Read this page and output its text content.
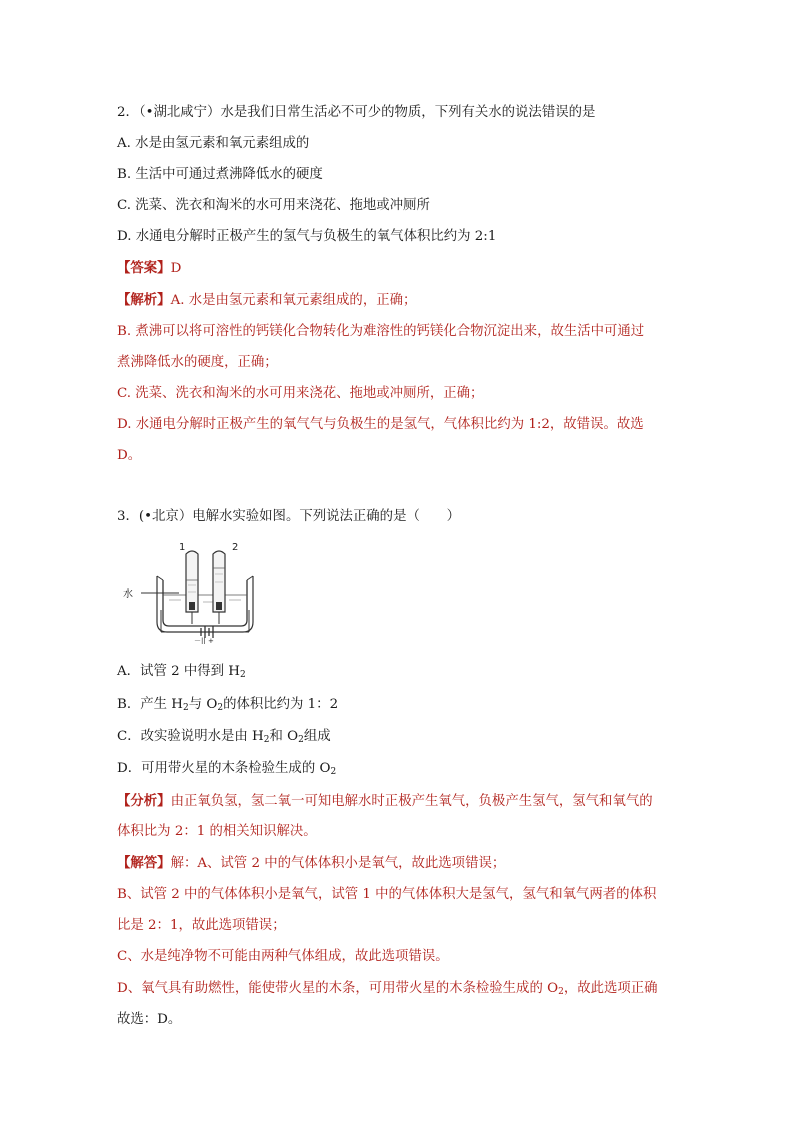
2．（•湖北咸宁）水是我们日常生活必不可少的物质，下列有关水的说法错误的是
A. 水是由氢元素和氧元素组成的
B. 生活中可通过煮沸降低水的硬度
C. 洗菜、洗衣和淘米的水可用来浇花、拖地或冲厕所
D. 水通电分解时正极产生的氢气与负极生的氧气体积比约为 2:1
【答案】D
【解析】A. 水是由氢元素和氧元素组成的，正确；
B. 煮沸可以将可溶性的钙镁化合物转化为难溶性的钙镁化合物沉淀出来，故生活中可通过
煮沸降低水的硬度，正确；
C. 洗菜、洗衣和淘米的水可用来浇花、拖地或冲厕所，正确；
D. 水通电分解时正极产生的氧气气与负极生的是氢气，气体积比约为 1:2，故错误。故选
D。
3．(•北京）电解水实验如图。下列说法正确的是（　　）
1	2
水
－|| +
A．试管 2 中得到 $H_2$
B．产生 $H_2$与 $O_2$的体积比约为 1：2
C．改实验说明水是由 $H_2$和 $O_2$组成
D．可用带火星的木条检验生成的 $O_2$
【分析】由正氧负氢，氢二氧一可知电解水时正极产生氧气，负极产生氢气，氢气和氧气的
体积比为 2：1 的相关知识解决。
【解答】解：A、试管 2 中的气体体积小是氧气，故此选项错误；
B、试管 2 中的气体体积小是氧气，试管 1 中的气体体积大是氢气，氢气和氧气两者的体积
比是 2：1，故此选项错误；
C、水是纯净物不可能由两种气体组成，故此选项错误。
D、氧气具有助燃性，能使带火星的木条，可用带火星的木条检验生成的 $O_2$，故此选项正确
故选：D。
